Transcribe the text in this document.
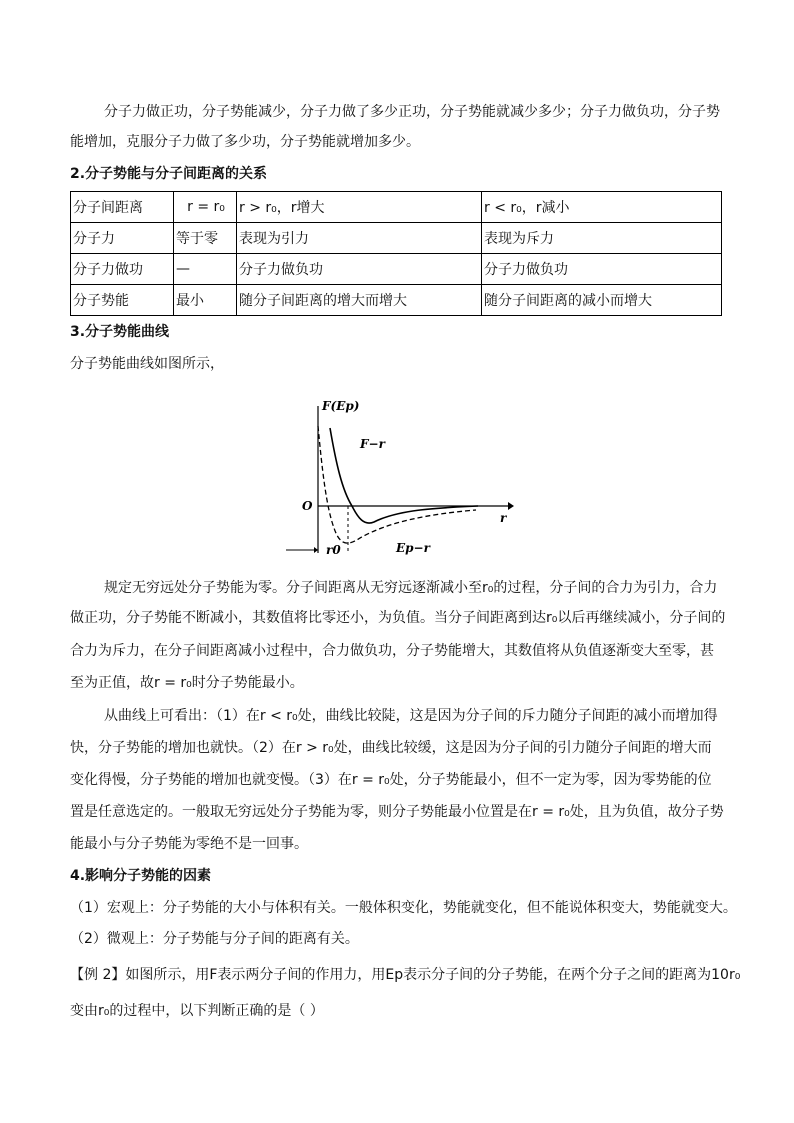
分子力做正功，分子势能减少，分子力做了多少正功，分子势能就减少多少；分子力做负功，分子势
能增加，克服分子力做了多少功，分子势能就增加多少。
2.分子势能与分子间距离的关系
分子间距离	r = r₀	r > r₀，r增大	r < r₀，r减小
分子力	等于零	表现为引力	表现为斥力
分子力做功	—	分子力做负功	分子力做负功
分子势能	最小	随分子间距离的增大而增大	随分子间距离的减小而增大
3.分子势能曲线
分子势能曲线如图所示，
F(Ep)
r
O
r0
F−r
Ep−r
规定无穷远处分子势能为零。分子间距离从无穷远逐渐减小至r₀的过程，分子间的合力为引力，合力
做正功，分子势能不断减小，其数值将比零还小，为负值。当分子间距离到达r₀以后再继续减小，分子间的
合力为斥力，在分子间距离减小过程中，合力做负功，分子势能增大，其数值将从负值逐渐变大至零，甚
至为正值，故r = r₀时分子势能最小。
从曲线上可看出：（1）在r < r₀处，曲线比较陡，这是因为分子间的斥力随分子间距的减小而增加得
快，分子势能的增加也就快。（2）在r > r₀处，曲线比较缓，这是因为分子间的引力随分子间距的增大而
变化得慢，分子势能的增加也就变慢。（3）在r = r₀处，分子势能最小，但不一定为零，因为零势能的位
置是任意选定的。一般取无穷远处分子势能为零，则分子势能最小位置是在r = r₀处，且为负值，故分子势
能最小与分子势能为零绝不是一回事。
4.影响分子势能的因素
（1）宏观上：分子势能的大小与体积有关。一般体积变化，势能就变化，但不能说体积变大，势能就变大。
（2）微观上：分子势能与分子间的距离有关。
【例 2】如图所示，用F表示两分子间的作用力，用Ep表示分子间的分子势能，在两个分子之间的距离为10r₀
变由r₀的过程中，以下判断正确的是（ ）
